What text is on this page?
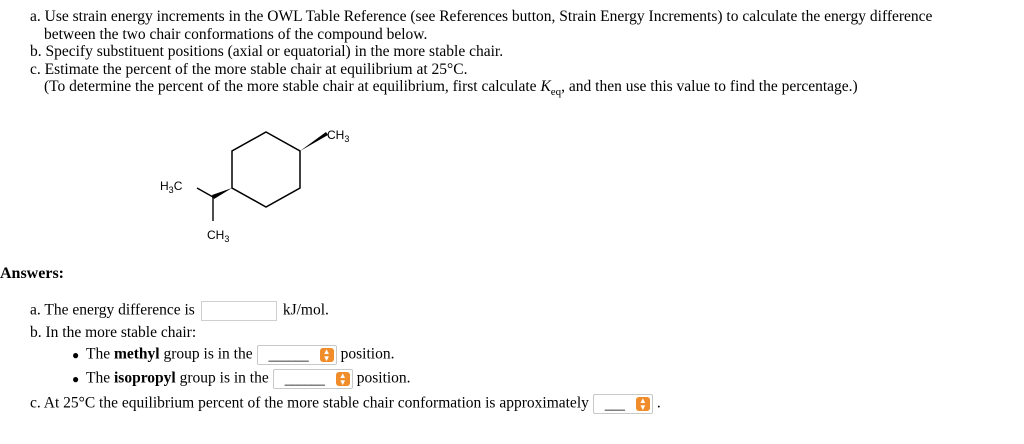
a. Use strain energy increments in the OWL Table Reference (see References button, Strain Energy Increments) to calculate the energy difference
between the two chair conformations of the compound below.
b. Specify substituent positions (axial or equatorial) in the more stable chair.
c. Estimate the percent of the more stable chair at equilibrium at 25°C.
(To determine the percent of the more stable chair at equilibrium, first calculate $K_{eq}$, and then use this value to find the percentage.)
$CH_3$
$H_3C$
$CH_3$
Answers:
a. The energy difference is	kJ/mol.
b. In the more stable chair:
● The methyl group is in the ______	▲
▼ position.
● The isopropyl group is in the ______	▲
▼ position.
c. At 25°C the equilibrium percent of the more stable chair conformation is approximately ___	▲
▼ .
